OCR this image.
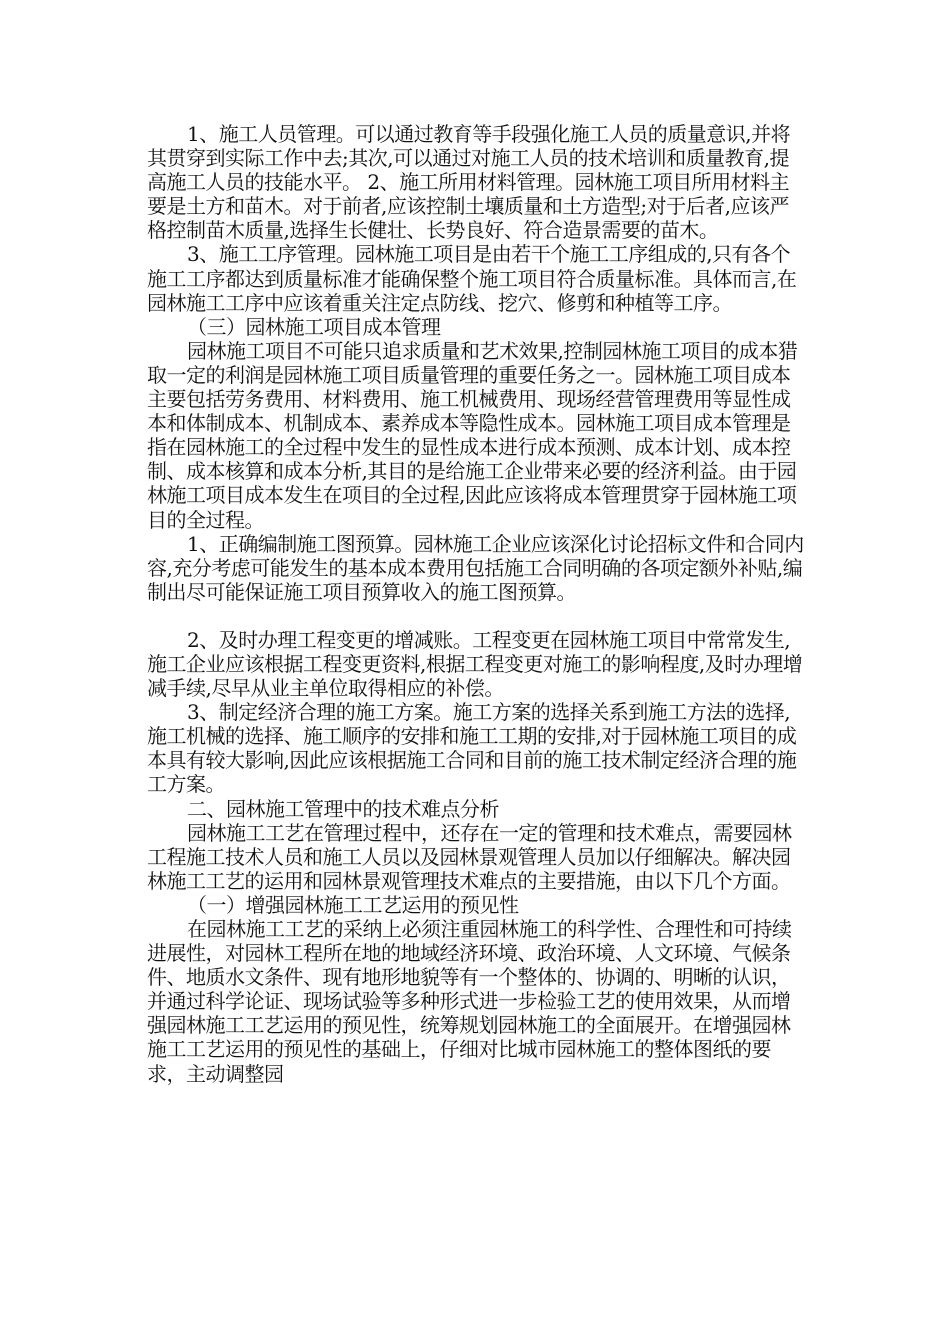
1、施工人员管理。可以通过教育等手段强化施工人员的质量意识,并将其贯穿到实际工作中去;其次,可以通过对施工人员的技术培训和质量教育,提高施工人员的技能水平。 2、施工所用材料管理。园林施工项目所用材料主要是土方和苗木。对于前者,应该控制土壤质量和土方造型;对于后者,应该严格控制苗木质量,选择生长健壮、长势良好、符合造景需要的苗木。

3、施工工序管理。园林施工项目是由若干个施工工序组成的,只有各个施工工序都达到质量标准才能确保整个施工项目符合质量标准。具体而言,在园林施工工序中应该着重关注定点防线、挖穴、修剪和种植等工序。

（三）园林施工项目成本管理

园林施工项目不可能只追求质量和艺术效果,控制园林施工项目的成本猎取一定的利润是园林施工项目质量管理的重要任务之一。园林施工项目成本主要包括劳务费用、材料费用、施工机械费用、现场经营管理费用等显性成本和体制成本、机制成本、素养成本等隐性成本。园林施工项目成本管理是指在园林施工的全过程中发生的显性成本进行成本预测、成本计划、成本控制、成本核算和成本分析,其目的是给施工企业带来必要的经济利益。由于园林施工项目成本发生在项目的全过程,因此应该将成本管理贯穿于园林施工项目的全过程。

1、正确编制施工图预算。园林施工企业应该深化讨论招标文件和合同内容,充分考虑可能发生的基本成本费用包括施工合同明确的各项定额外补贴,编制出尽可能保证施工项目预算收入的施工图预算。

2、及时办理工程变更的增减账。工程变更在园林施工项目中常常发生,施工企业应该根据工程变更资料,根据工程变更对施工的影响程度,及时办理增减手续,尽早从业主单位取得相应的补偿。

3、制定经济合理的施工方案。施工方案的选择关系到施工方法的选择,施工机械的选择、施工顺序的安排和施工工期的安排,对于园林施工项目的成本具有较大影响,因此应该根据施工合同和目前的施工技术制定经济合理的施工方案。

二、园林施工管理中的技术难点分析

园林施工工艺在管理过程中，还存在一定的管理和技术难点，需要园林工程施工技术人员和施工人员以及园林景观管理人员加以仔细解决。解决园林施工工艺的运用和园林景观管理技术难点的主要措施，由以下几个方面。

（一）增强园林施工工艺运用的预见性

在园林施工工艺的采纳上必须注重园林施工的科学性、合理性和可持续进展性，对园林工程所在地的地域经济环境、政治环境、人文环境、气候条件、地质水文条件、现有地形地貌等有一个整体的、协调的、明晰的认识，并通过科学论证、现场试验等多种形式进一步检验工艺的使用效果，从而增强园林施工工艺运用的预见性，统筹规划园林施工的全面展开。在增强园林施工工艺运用的预见性的基础上，仔细对比城市园林施工的整体图纸的要求，主动调整园
